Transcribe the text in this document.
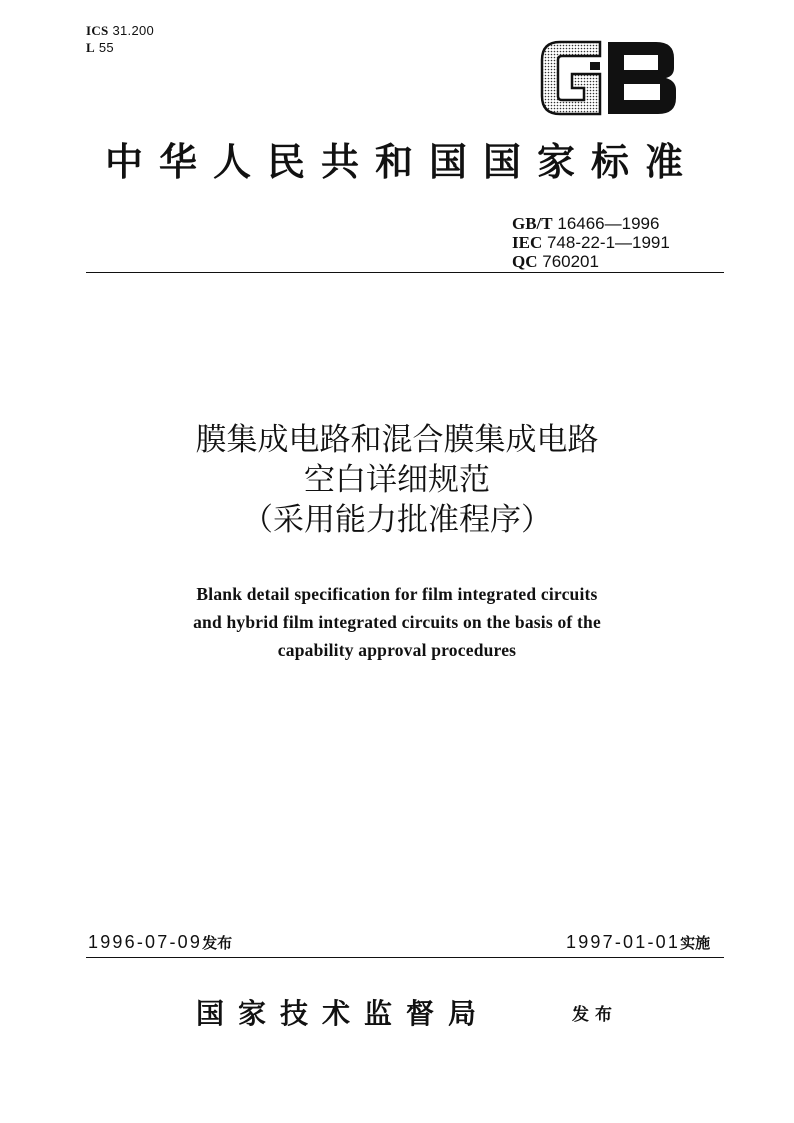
ICS 31.200
L 55
中华人民共和国国家标准
GB/T 16466—1996
IEC 748-22-1—1991
QC 760201
膜集成电路和混合膜集成电路
空白详细规范
（采用能力批准程序）
Blank detail specification for film integrated circuits
and hybrid film integrated circuits on the basis of the
capability approval procedures
1996-07-09发布	1997-01-01实施
国家技术监督局	发布
